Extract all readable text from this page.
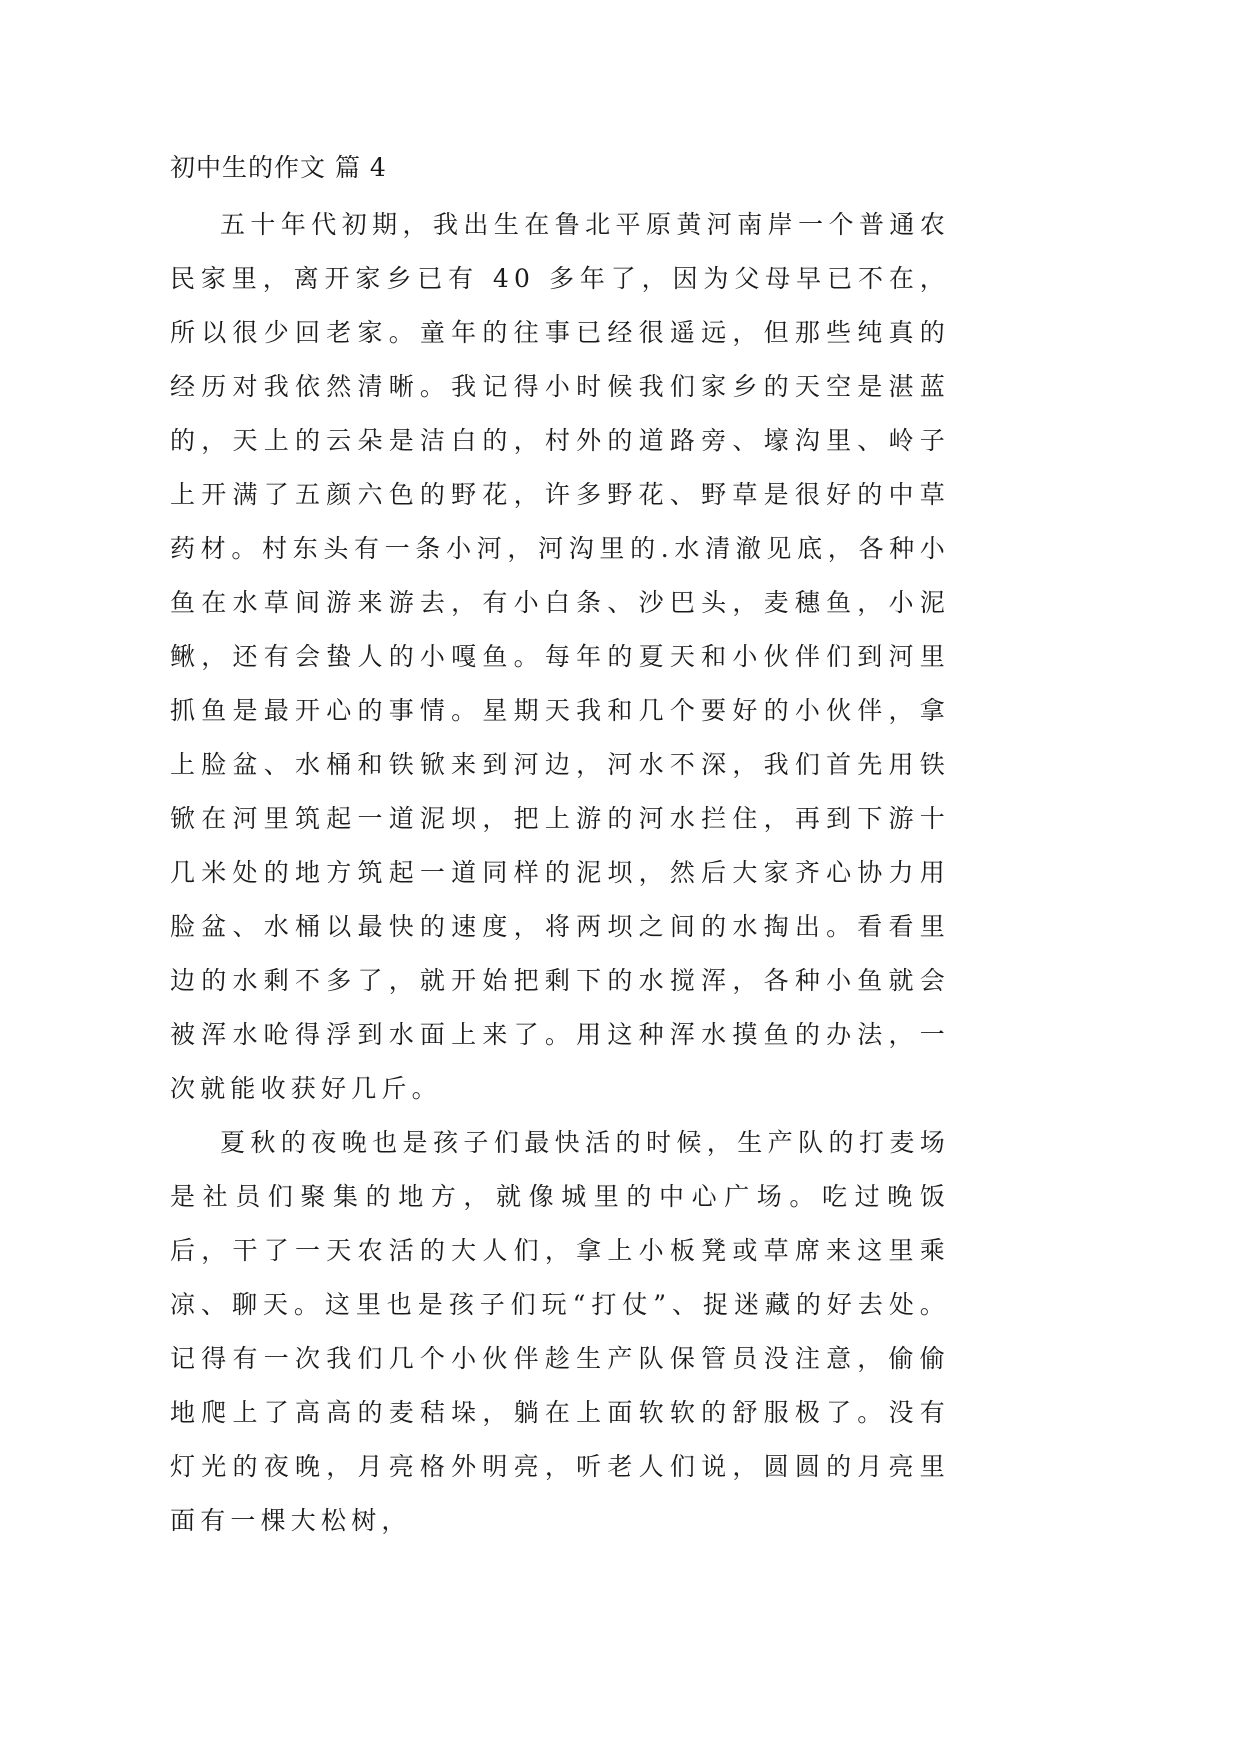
初中生的作文 篇 4

五十年代初期，我出生在鲁北平原黄河南岸一个普通农民家里，离开家乡已有 40 多年了，因为父母早已不在，所以很少回老家。童年的往事已经很遥远，但那些纯真的经历对我依然清晰。我记得小时候我们家乡的天空是湛蓝的，天上的云朵是洁白的，村外的道路旁、壕沟里、岭子上开满了五颜六色的野花，许多野花、野草是很好的中草药材。村东头有一条小河，河沟里的.水清澈见底，各种小鱼在水草间游来游去，有小白条、沙巴头，麦穗鱼，小泥鳅，还有会蛰人的小嘎鱼。每年的夏天和小伙伴们到河里抓鱼是最开心的事情。星期天我和几个要好的小伙伴，拿上脸盆、水桶和铁锨来到河边，河水不深，我们首先用铁锨在河里筑起一道泥坝，把上游的河水拦住，再到下游十几米处的地方筑起一道同样的泥坝，然后大家齐心协力用脸盆、水桶以最快的速度，将两坝之间的水掏出。看看里边的水剩不多了，就开始把剩下的水搅浑，各种小鱼就会被浑水呛得浮到水面上来了。用这种浑水摸鱼的办法，一次就能收获好几斤。

夏秋的夜晚也是孩子们最快活的时候，生产队的打麦场是社员们聚集的地方，就像城里的中心广场。吃过晚饭后，干了一天农活的大人们，拿上小板凳或草席来这里乘凉、聊天。这里也是孩子们玩“打仗”、捉迷藏的好去处。记得有一次我们几个小伙伴趁生产队保管员没注意，偷偷地爬上了高高的麦秸垛，躺在上面软软的舒服极了。没有灯光的夜晚，月亮格外明亮，听老人们说，圆圆的月亮里面有一棵大松树，
